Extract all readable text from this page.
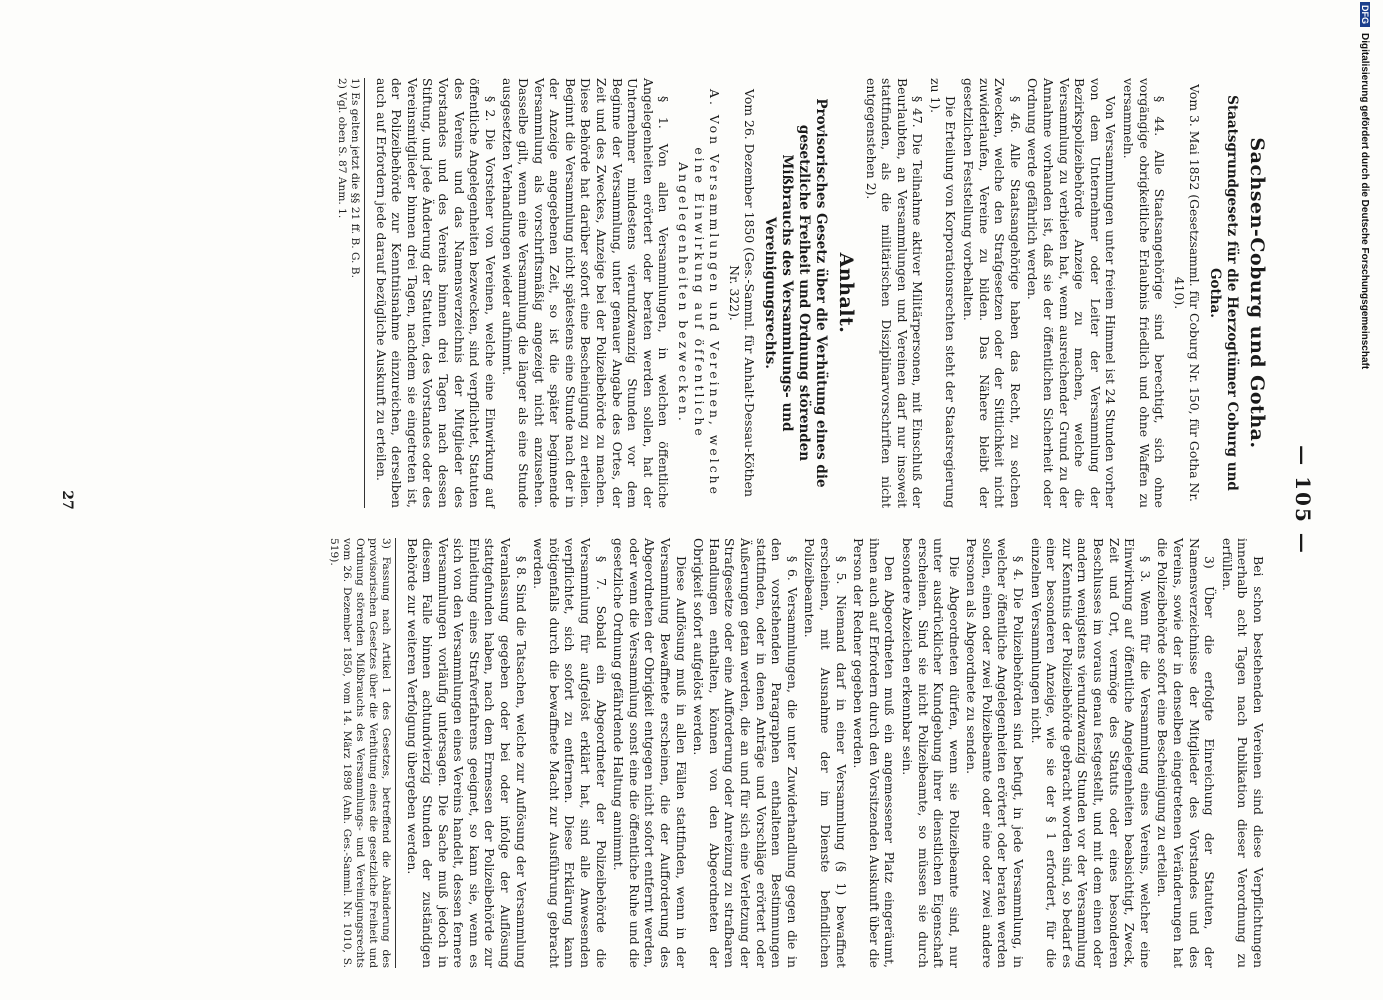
— 105 —
Sachsen-Coburg und Gotha.
Staatsgrundgesetz für die Herzogtümer Coburg und Gotha.
Vom 3. Mai 1852 (Gesetzsamml. für Coburg Nr. 150, für Gotha Nr. 410).

§ 44. Alle Staatsangehörige sind berechtigt, sich ohne vorgängige obrigkeitliche Erlaubnis friedlich und ohne Waffen zu versammeln.

Von Versammlungen unter freiem Himmel ist 24 Stunden vorher von dem Unternehmer oder Leiter der Versammlung der Bezirkspolizeibehörde Anzeige zu machen, welche die Versammlung zu verbieten hat, wenn ausreichender Grund zu der Annahme vorhanden ist, daß sie der öffentlichen Sicherheit oder Ordnung werde gefährlich werden.

§ 46. Alle Staatsangehörige haben das Recht, zu solchen Zwecken, welche den Strafgesetzen oder der Sittlichkeit nicht zuwiderlaufen, Vereine zu bilden. Das Nähere bleibt der gesetzlichen Feststellung vorbehalten.

Die Erteilung von Korporationsrechten steht der Staatsregierung zu 1).

§ 47. Die Teilnahme aktiver Militärpersonen, mit Einschluß der Beurlaubten, an Versammlungen und Vereinen darf nur insoweit stattfinden, als die militärischen Disziplinarvorschriften nicht entgegenstehen 2).

Anhalt.
Provisorisches Gesetz über die Verhütung eines die gesetzliche Freiheit und Ordnung störenden Mißbrauchs des Versammlungs- und Vereinigungsrechts.
Vom 26. Dezember 1850 (Ges.-Samml. für Anhalt-Dessau-Köthen Nr. 322).
A. Von Versammlungen und Vereinen, welche eine Einwirkung auf öffentliche Angelegenheiten bezwecken.

§ 1. Von allen Versammlungen, in welchen öffentliche Angelegenheiten erörtert oder beraten werden sollen, hat der Unternehmer mindestens vierundzwanzig Stunden vor dem Beginne der Versammlung, unter genauer Angabe des Ortes, der Zeit und des Zweckes, Anzeige bei der Polizeibehörde zu machen. Diese Behörde hat darüber sofort eine Bescheinigung zu erteilen. Beginnt die Versammlung nicht spätestens eine Stunde nach der in der Anzeige angegebenen Zeit, so ist die später beginnende Versammlung als vorschriftsmäßig angezeigt nicht anzusehen. Dasselbe gilt, wenn eine Versammlung die länger als eine Stunde ausgesetzten Verhandlungen wieder aufnimmt.

§ 2. Die Vorsteher von Vereinen, welche eine Einwirkung auf öffentliche Angelegenheiten bezwecken, sind verpflichtet, Statuten des Vereins und das Namensverzeichnis der Mitglieder des Vorstandes und des Vereins binnen drei Tagen nach dessen Stiftung, und jede Änderung der Statuten, des Vorstandes oder des Vereinsmitglieder binnen drei Tagen, nachdem sie eingetreten ist, der Polizeibehörde zur Kenntnisnahme einzureichen, derselben auch auf Erfordern jede darauf bezügliche Auskunft zu erteilen.

1) Es gelten jetzt die §§ 21 ff. B. G. B.

2) Vgl. oben S. 87 Anm. 1.

Bei schon bestehenden Vereinen sind diese Verpflichtungen innerhalb acht Tagen nach Publikation dieser Verordnung zu erfüllen.

3) Über die erfolgte Einreichung der Statuten, der Namensverzeichnisse der Mitglieder des Vorstandes und des Vereins, sowie der in denselben eingetretenen Veränderungen hat die Polizeibehörde sofort eine Bescheinigung zu erteilen.

§ 3. Wenn für die Versammlung eines Vereins, welcher eine Einwirkung auf öffentliche Angelegenheiten beabsichtigt, Zweck, Zeit und Ort, vermöge des Statuts oder eines besonderen Beschlusses im voraus genau festgestellt, und mit dem einen oder andern wenigstens vierundzwanzig Stunden vor der Versammlung zur Kenntnis der Polizeibehörde gebracht worden sind, so bedarf es einer besonderen Anzeige, wie sie der § 1 erfordert, für die einzelnen Versammlungen nicht.

§ 4. Die Polizeibehörden sind befugt, in jede Versammlung, in welcher öffentliche Angelegenheiten erörtert oder beraten werden sollen, einen oder zwei Polizeibeamte oder eine oder zwei andere Personen als Abgeordnete zu senden.

Die Abgeordneten dürfen, wenn sie Polizeibeamte sind, nur unter ausdrücklicher Kundgebung ihrer dienstlichen Eigenschaft erscheinen. Sind sie nicht Polizeibeamte, so müssen sie durch besondere Abzeichen erkennbar sein.

Den Abgeordneten muß ein angemessener Platz eingeräumt, ihnen auch auf Erfordern durch den Vorsitzenden Auskunft über die Person der Redner gegeben werden.

§ 5. Niemand darf in einer Versammlung (§ 1) bewaffnet erscheinen, mit Ausnahme der im Dienste befindlichen Polizeibeamten.

§ 6. Versammlungen, die unter Zuwiderhandlung gegen die in den vorstehenden Paragraphen enthaltenen Bestimmungen stattfinden, oder in denen Anträge und Vorschläge erörtert oder Äußerungen getan werden, die an und für sich eine Verletzung der Strafgesetze oder eine Aufforderung oder Anreizung zu strafbaren Handlungen enthalten, können von den Abgeordneten der Obrigkeit sofort aufgelöst werden.

Diese Auflösung muß in allen Fällen stattfinden, wenn in der Versammlung Bewaffnete erscheinen, die der Aufforderung des Abgeordneten der Obrigkeit entgegen nicht sofort entfernt werden, oder wenn die Versammlung sonst eine die öffentliche Ruhe und die gesetzliche Ordnung gefährdende Haltung annimmt.

§ 7. Sobald ein Abgeordneter der Polizeibehörde die Versammlung für aufgelöst erklärt hat, sind alle Anwesenden verpflichtet, sich sofort zu entfernen. Diese Erklärung kann nötigenfalls durch die bewaffnete Macht zur Ausführung gebracht werden.

§ 8. Sind die Tatsachen, welche zur Auflösung der Versammlung Veranlassung gegeben oder bei oder infolge der Auflösung stattgefunden haben, nach dem Ermessen der Polizeibehörde zur Einleitung eines Strafverfahrens geeignet, so kann sie, wenn es sich von den Versammlungen eines Vereins handelt, dessen fernere Versammlungen vorläufig untersagen. Die Sache muß jedoch in diesem Falle binnen achtundvierzig Stunden der zuständigen Behörde zur weiteren Verfolgung übergeben werden.

3) Fassung nach Artikel 1 des Gesetzes, betreffend die Abänderung des provisorischen Gesetzes über die Verhütung eines die gesetzliche Freiheit und Ordnung störenden Mißbrauchs des Versammlungs- und Vereinigungsrechts vom 26. Dezember 1850, vom 14. März 1898 (Anh. Ges.-Samml. Nr. 1010, S. 519).

27
DFGDigitalisierung gefördert durch die Deutsche Forschungsgemeinschaft
